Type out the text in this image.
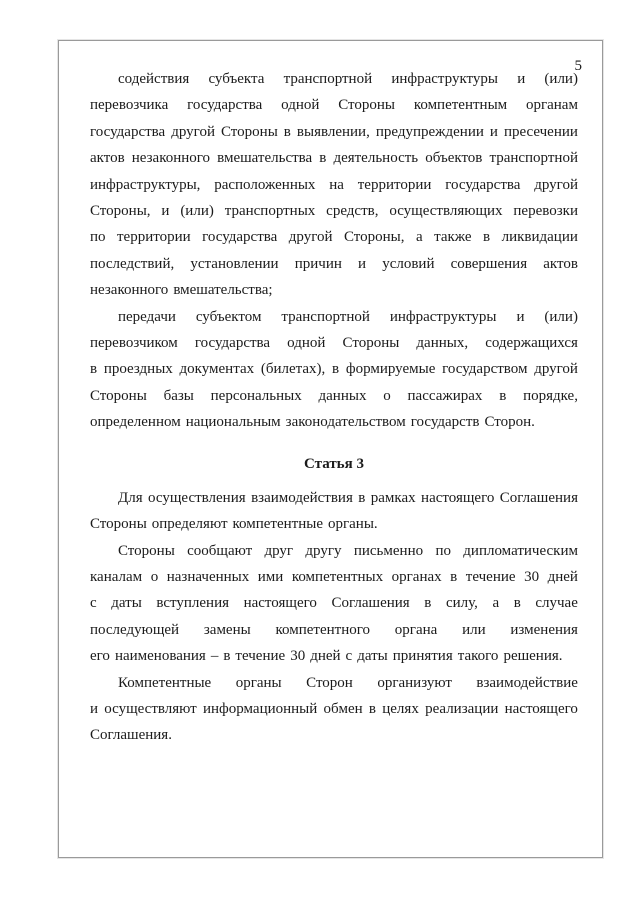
5
содействия субъекта транспортной инфраструктуры и (или)
перевозчика государства одной Стороны компетентным органам
государства другой Стороны в выявлении, предупреждении и пресечении
актов незаконного вмешательства в деятельность объектов транспортной
инфраструктуры, расположенных на территории государства другой
Стороны, и (или) транспортных средств, осуществляющих перевозки
по территории государства другой Стороны, а также в ликвидации
последствий, установлении причин и условий совершения актов
незаконного вмешательства;
передачи субъектом транспортной инфраструктуры и (или)
перевозчиком государства одной Стороны данных, содержащихся
в проездных документах (билетах), в формируемые государством другой
Стороны базы персональных данных о пассажирах в порядке,
определенном национальным законодательством государств Сторон.
Статья 3
Для осуществления взаимодействия в рамках настоящего Соглашения
Стороны определяют компетентные органы.
Стороны сообщают друг другу письменно по дипломатическим
каналам о назначенных ими компетентных органах в течение 30 дней
с даты вступления настоящего Соглашения в силу, а в случае
последующей замены компетентного органа или изменения
его наименования – в течение 30 дней с даты принятия такого решения.
Компетентные органы Сторон организуют взаимодействие
и осуществляют информационный обмен в целях реализации настоящего
Соглашения.
